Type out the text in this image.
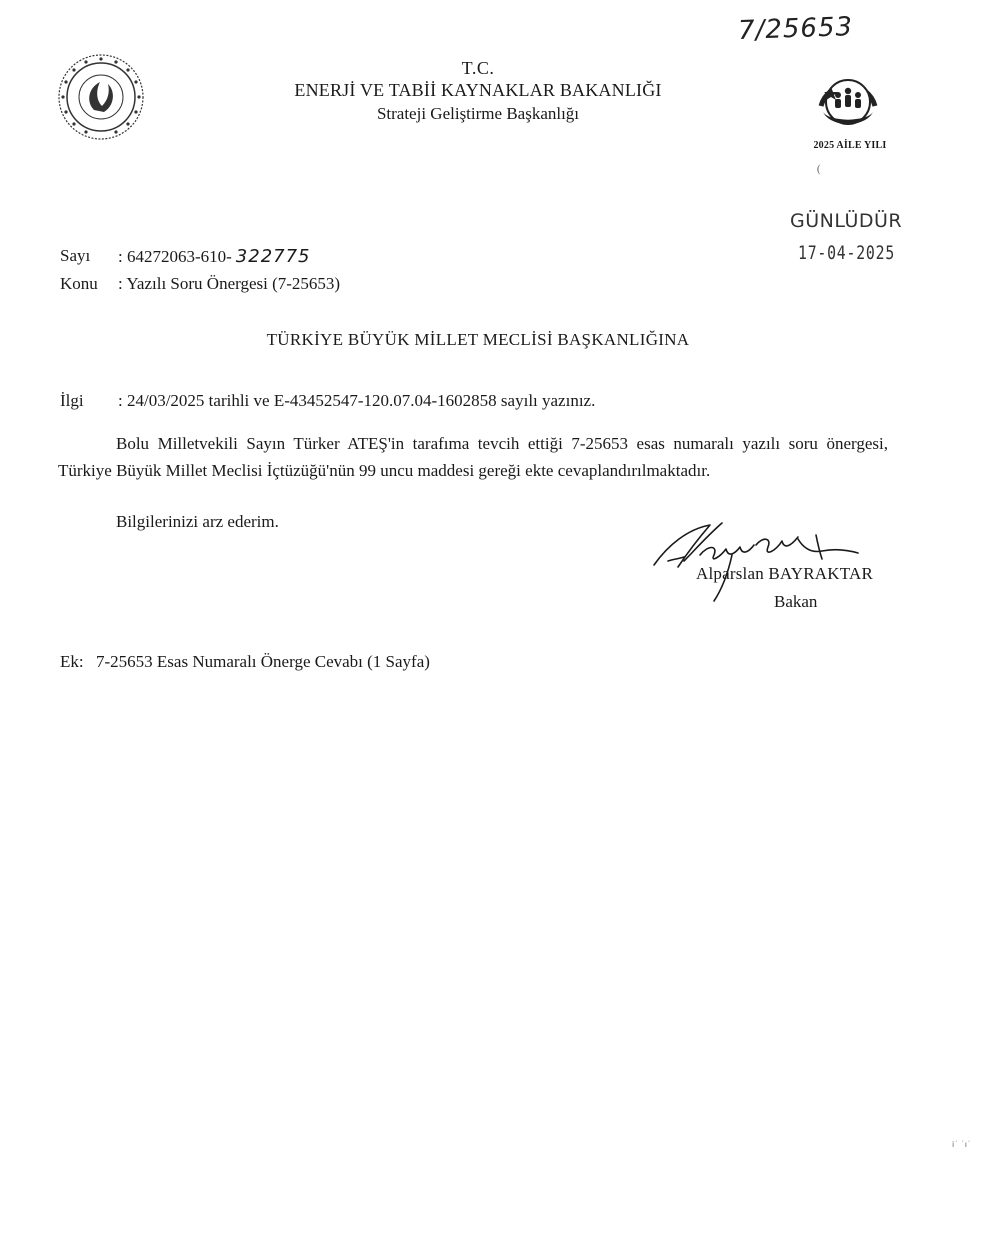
T.C.
ENERJİ VE TABİİ KAYNAKLAR BAKANLIĞI
Strateji Geliştirme Başkanlığı
7/25653
2025 AİLE YILI
(
GÜNLÜDÜR
17-04-2025
Sayı : 64272063-610- 322775
Konu : Yazılı Soru Önergesi (7-25653)
TÜRKİYE BÜYÜK MİLLET MECLİSİ BAŞKANLIĞINA
İlgi : 24/03/2025 tarihli ve E-43452547-120.07.04-1602858 sayılı yazınız.
Bolu Milletvekili Sayın Türker ATEŞ'in tarafıma tevcih ettiği 7-25653 esas numaralı yazılı soru önergesi, Türkiye Büyük Millet Meclisi İçtüzüğü'nün 99 uncu maddesi gereği ekte cevaplandırılmaktadır.
Bilgilerinizi arz ederim.
Alparslan BAYRAKTAR
Bakan
Ek: 7-25653 Esas Numaralı Önerge Cevabı (1 Sayfa)
ı̇˙ ˙ı˙
